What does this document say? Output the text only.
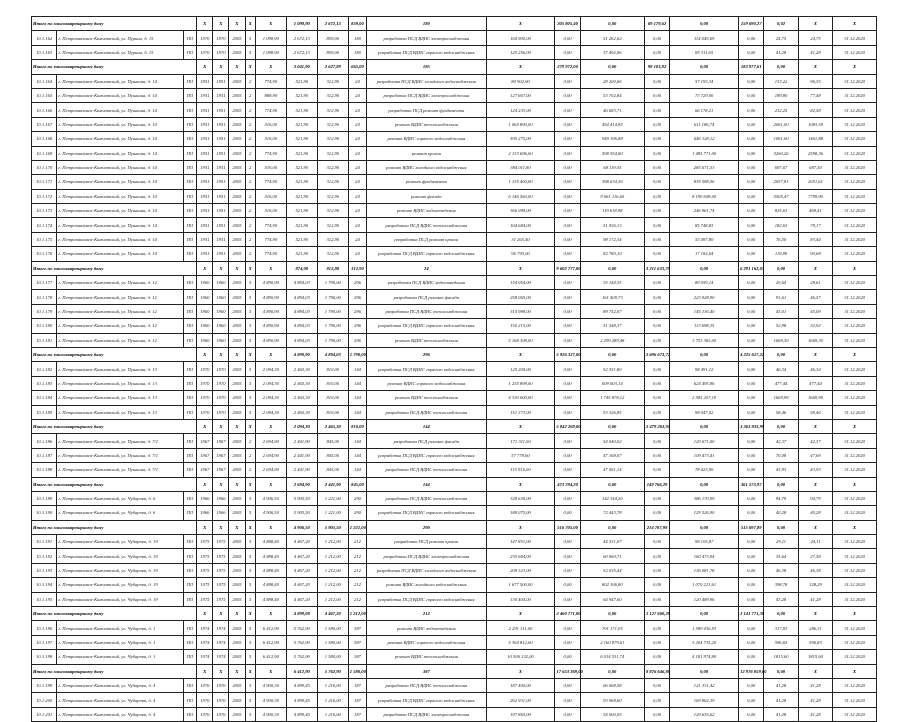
Итого по многоквартирному дому			X	X	X	X	X	1 098,90	2 672,13	859,00	180	X	205 805,40	0,00	69 179,62	0,00	159 690,27	0,02	X	X	
10.1.162	г. Петропавловск-Камчатский, ул. Пурина, д. 15	ПО	1970	1970	2005	5	1 098,90	2 672,13	859,00	180	разработка ПСД ВДИС электроснабжения	164 900,00	0,00	51 262,62	0,00	114 049,69	0,00	24,75	24,75	31.12.2020	
10.1.163	г. Петропавловск-Камчатский, ул. Пурина, д. 15	ПО	1970	1970	2005	5	1 098,90	2 672,13	859,00	180	разработка ПСД ВДИС горячего водоснабжения	125 256,00	0,00	37 492,06	0,00	85 311,65	0,00	41,28	41,28	31.12.2020	
Итого по многоквартирному дому			X	X	X	X	X	3 041,90	2 627,89	665,00	185	X	279 972,00	0,00	98 103,82	0,00	183 977,61	0,00	X	X	
10.1.164	г. Петропавловск-Камчатский, ул. Пушкина, д. 14	ПО	1951	1951	2005	2	774,90	521,90	312,90	24	разработка ПСД ВДИС холодного водоснабжения	80 902,00	0,00	29 200,66	0,00	57 193,34	0,00	133,22	96,35	31.12.2020	
10.1.165	г. Петропавловск-Камчатский, ул. Пушкина, д. 14	ПО	1951	1951	2005	2	888,90	521,90	312,90	24	разработка ПСД ВДИС электроснабжения	127 667,00	0,00	53 702,84	0,00	73 729,06	0,00	189,80	77,48	31.12.2020	
10.1.166	г. Петропавловск-Камчатский, ул. Пушкина, д. 14	ПО	1951	1951	2005	2	774,90	521,90	312,90	24	разработка ПСД ремонт фундамента	124 233,00	0,00	46 683,71	0,00	66 178,21	0,00	232,25	82,58	31.12.2020	
10.1.167	г. Петропавловск-Камчатский, ул. Пушкина, д. 14	ПО	1951	1951	2005	2	516,00	521,90	312,90	24	ремонт ВДИС теплоснабжения	1 065 890,00	0,00	454 414,85	0,00	611 186,74	0,00	2061,00	1083,59	31.12.2020	
10.1.168	г. Петропавловск-Камчатский, ул. Пушкина, д. 14	ПО	1951	1951	2005	2	516,00	521,90	312,90	24	ремонт ВДИС горячего водоснабжения	595 275,00	0,00	949 196,88	0,00	646 128,12	0,00	1061,00	1461,88	31.12.2020	
10.1.169	г. Петропавловск-Камчатский, ул. Пушкина, д. 14	ПО	1951	1951	2005	2	774,90	521,90	312,90	24	ремонт кровли	2 133 696,00	0,00	598 554,80	0,00	1 485 771,00	0,00	5260,26	2598,36	31.12.2020	
10.1.170	г. Петропавловск-Камчатский, ул. Пушкина, д. 14	ПО	1951	1951	2005	2	516,00	521,90	312,90	24	ремонт ВДИС холодного водоснабжения	384 011,80	0,00	68 119,05	0,00	285 671,53	0,00	697,67	687,50	31.12.2020	
10.1.171	г. Петропавловск-Камчатский, ул. Пушкина, д. 14	ПО	1951	1951	2005	2	774,90	521,90	312,90	24	ремонт фундамента	1 135 400,00	0,00	398 634,36	0,00	839 588,56	0,00	2057,81	2051,61	31.12.2020	
10.1.172	г. Петропавловск-Камчатский, ул. Пушкина, д. 14	ПО	1951	1951	2005	2	516,00	521,90	312,90	24	ремонт фасада	6 146 560,00	0,00	9 061 116,60	0,00	8 190 658,00	0,00	5505,47	7799,90	31.12.2020	
10.1.173	г. Петропавловск-Камчатский, ул. Пушкина, д. 14	ПО	1951	1951	2005	2	516,00	521,90	312,90	24	ремонт ВДИС водоотведения	366 098,00	0,00	119 618,98	0,00	246 961,74	0,00	825,63	469,41	31.12.2020	
10.1.174	г. Петропавловск-Камчатский, ул. Пушкина, д. 14	ПО	1951	1951	2005	2	774,90	521,90	312,90	24	разработка ПСД ВДИС теплоснабжения	164 684,00	0,00	51 936,13	0,00	85 748,83	0,00	182,63	79,17	31.12.2020	
10.1.175	г. Петропавловск-Камчатский, ул. Пушкина, д. 14	ПО	1951	1951	2005	2	774,90	521,90	312,90	24	разработка ПСД ремонт кровли	31 265,40	0,00	98 172,34	0,00	53 497,80	0,00	76,50	83,44	31.12.2020	
10.1.176	г. Петропавловск-Камчатский, ул. Пушкина, д. 14	ПО	1951	1951	2005	2	774,90	521,90	312,90	24	разработка ПСД ВДИС горячего водоснабжения	96 795,00	0,00	82 780,10	0,00	17 182,64	0,00	119,89	90,68	31.12.2020	
Итого по многоквартирному дому			X	X	X	X	X	874,00	812,80	312,90	24	X	9 602 777,80	0,00	3 211 633,79	0,00	6 291 162,03	0,00	X	X	
10.1.177	г. Петропавловск-Камчатский, ул. Пушкина, д. 12	ПО	1960	1960	2005	5	4 890,90	4 894,03	1 790,00	296	разработка ПСД ВДИС водоотведения	154 054,00	0,00	35 144,35	0,00	89 059,14	0,00	20,64	28,61	31.12.2020	
10.1.178	г. Петропавловск-Камчатский, ул. Пушкина, д. 12	ПО	1960	1960	2005	5	4 890,90	4 894,03	1 790,00	296	разработка ПСД ремонт фасада	258 065,00	0,00	161 409,73	0,00	223 928,90	0,00	91,61	46,57	31.12.2020	
10.1.179	г. Петропавловск-Камчатский, ул. Пушкина, д. 12	ПО	1960	1960	2005	5	4 890,90	4 894,03	1 790,00	296	разработка ПСД ВДИС теплоснабжения	314 998,00	0,00	89 752,07	0,00	145 136,40	0,00	43,01	45,09	31.12.2020	
10.1.180	г. Петропавловск-Камчатский, ул. Пушкина, д. 12	ПО	1960	1960	2005	5	4 890,90	4 894,03	1 790,00	296	разработка ПСД ВДИС горячего водоснабжения	150 215,00	0,00	51 548,37	0,00	113 698,35	0,00	52,98	32,92	31.12.2020	
10.1.181	г. Петропавловск-Камчатский, ул. Пушкина, д. 12	ПО	1960	1960	2005	5	4 890,90	4 894,03	1 790,00	296	ремонт ВДИС теплоснабжения	5 168 308,00	0,00	2 299 289,48	0,00	3 753 382,00	0,00	1669,30	1669,30	31.12.2020	
Итого по многоквартирному дому			X	X	X	X	X	4 890,90	4 894,03	1 790,00	296	X	5 926 327,00	0,00	2 696 673,72	0,00	4 325 617,22	0,00	X	X	
10.1.182	г. Петропавловск-Камчатский, ул. Пушкина, д. 13	ПО	1970	1970	2005	5	2 094,30	2 465,30	810,00	144	разработка ПСД ВДИС горячего водоснабжения	125 200,00	0,00	52 551,80	0,00	98 491,12	0,00	46,34	46,34	31.12.2020	
10.1.183	г. Петропавловск-Камчатский, ул. Пушкина, д. 13	ПО	1970	1970	2005	5	2 094,30	2 465,30	810,00	144	ремонт ВДИС горячего водоснабжения	1 235 899,00	0,00	609 603,14	0,00	624 495,86	0,00	477,44	477,44	31.12.2020	
10.1.184	г. Петропавловск-Камчатский, ул. Пушкина, д. 13	ПО	1970	1970	2005	5	2 094,30	2 465,30	810,00	144	ремонт ВДИС теплоснабжения	4 330 000,00	0,00	1 745 878,12	0,00	2 585 207,19	0,00	1669,99	1669,99	31.12.2020	
10.1.185	г. Петропавловск-Камчатский, ул. Пушкина, д. 13	ПО	1970	1970	2005	5	2 094,30	2 465,30	810,00	144	разработка ПСД ВДИС теплоснабжения	151 373,00	0,00	53 326,85	0,00	98 047,02	0,00	58,46	58,46	31.12.2020	
Итого по многоквартирному дому			X	X	X	X	X	2 094,30	2 465,30	810,00	144	X	5 842 269,00	0,00	2 479 263,91	0,00	3 363 833,99	0,00	X	X	
10.1.186	г. Петропавловск-Камчатский, ул. Пушкина, д. 7/1	ПО	1967	1967	2005	2	2 694,90	2 441,90	845,00	144	разработка ПСД ремонт фасада	171 311,00	0,00	54 040,02	0,00	120 671,00	0,00	42,37	42,37	31.12.2020	
10.1.187	г. Петропавловск-Камчатский, ул. Пушкина, д. 7/1	ПО	1967	1967	2005	2	2 694,90	2 441,90	845,00	144	разработка ПСД ВДИС горячего водоснабжения	57 779,60	0,00	47 168,07	0,00	109 473,41	0,00	70,08	47,69	31.12.2020	
10.1.188	г. Петропавловск-Камчатский, ул. Пушкина, д. 7/1	ПО	1967	1967	2005	2	2 694,90	2 441,90	845,00	144	разработка ПСД ВДИС теплоснабжения	115 916,00	0,00	47 561,14	0,00	78 423,90	0,00	43,93	43,93	31.12.2020	
Итого по многоквартирному дому			X	X	X	X	X	2 694,90	2 441,90	845,00	144	X	473 784,20	0,00	149 766,29	0,00	361 573,97	0,00	X	X	
10.1.189	г. Петропавловск-Камчатский, ул. Чубарова, д. 6	ПО	1966	1966	2005	5	4 906,50	5 905,50	1 221,00	290	разработка ПСД ВДИС теплоснабжения	328 630,00	0,00	142 344,20	0,00	386 170,99	0,00	94,79	94,79	31.12.2020	
10.1.190	г. Петропавловск-Камчатский, ул. Чубарова, д. 6	ПО	1966	1966	2005	5	4 906,50	5 905,50	1 221,00	290	разработка ПСД ВДИС горячего водоснабжения	188 075,00	0,00	72 443,78	0,00	129 526,90	0,00	40,28	40,28	31.12.2020	
Итого по многоквартирному дому			X	X	X	X	X	4 906,50	5 905,50	1 221,00	290	X	516 705,00	0,00	214 787,98	0,00	515 697,89	0,00	X	X	
10.1.191	г. Петропавловск-Камчатский, ул. Чубарова, д. 19	ПО	1975	1975	2005	5	4 888,40	4 467,20	1 212,00	212	разработка ПСД ремонт кровли	147 851,00	0,00	44 331,07	0,00	98 105,87	0,00	29,11	24,11	31.12.2020	
10.1.192	г. Петропавловск-Камчатский, ул. Чубарова, д. 19	ПО	1975	1975	2005	5	4 888,40	4 467,20	1 212,00	212	разработка ПСД ВДИС электроснабжения	235 684,00	0,00	60 060,71	0,00	160 473,94	0,00	35,64	27,58	31.12.2020	
10.1.193	г. Петропавловск-Камчатский, ул. Чубарова, д. 19	ПО	1975	1975	2005	5	4 888,40	4 467,20	1 212,00	212	разработка ПСД ВДИС холодного водоснабжения	209 323,00	0,00	52 035,44	0,00	136 081,78	0,00	46,38	46,38	31.12.2020	
10.1.194	г. Петропавловск-Камчатский, ул. Чубарова, д. 19	ПО	1975	1975	2005	5	4 888,40	4 467,20	1 212,00	212	ремонт ВДИС холодного водоснабжения	1 677 500,00	0,00	802 106,80	0,00	1 070 213,61	0,00	398,78	328,29	31.12.2020	
10.1.195	г. Петропавловск-Камчатский, ул. Чубарова, д. 19	ПО	1975	1975	2005	5	4 888,40	4 467,20	1 212,00	212	разработка ПСД ВДИС горячего водоснабжения	130 404,00	0,00	64 947,60	0,00	120 489,96	0,00	43,28	41,28	31.12.2020	
Итого по многоквартирному дому			X	X	X	X	X	4 899,08	4 467,20	1 212,00	212	X	2 460 771,00	0,00	1 127 600,28	0,00	2 141 771,38	0,00	X	X	
10.1.196	г. Петропавловск-Камчатский, ул. Чубарова, д. 1	ПО	1974	1974	2005	5	6 412,90	5 762,90	1 580,00	387	ремонт ВДИС водоотведения	2 291 311,00	0,00	701 171,05	0,00	1 589 436,93	0,00	317,93	286,31	31.12.2020	
10.1.197	г. Петропавловск-Камчатский, ул. Чубарова, д. 1	ПО	1974	1974	2005	5	6 412,90	5 762,90	1 580,00	387	ремонт ВДИС горячего водоснабжения	5 364 812,00	0,00	2 160 879,61	0,00	3 204 735,20	0,00	596,65	596,83	31.12.2020	
10.1.198	г. Петропавловск-Камчатский, ул. Чубарова, д. 1	ПО	1974	1974	2005	5	6 412,90	5 762,90	1 580,00	387	ремонт ВДИС теплоснабжения	10 306 132,00	0,00	6 014 531,74	0,00	4 181 974,80	0,00	1815,60	1815,60	31.12.2020	
Итого по многоквартирному дому			X	X	X	X	X	6 412,90	5 762,90	1 580,00	387	X	17 653 369,00	0,00	8 876 646,88	0,00	12 976 059,00	0,00	X	X	
10.1.199	г. Петропавловск-Камчатский, ул. Чубарова, д. 4	ПО	1976	1976	2005	5	4 900,30	4 899,45	1 216,00	187	разработка ПСД ВДИС теплоснабжения	187 400,00	0,00	66 068,58	0,00	121 331,42	0,00	41,28	41,28	31.12.2020	
10.1.200	г. Петропавловск-Камчатский, ул. Чубарова, д. 4	ПО	1976	1976	2005	5	4 900,30	4 899,45	1 216,00	187	разработка ПСД ВДИС горячего водоснабжения	262 931,00	0,00	93 068,60	0,00	169 862,39	0,00	41,28	41,28	31.12.2020	
10.1.201	г. Петропавловск-Камчатский, ул. Чубарова, д. 4	ПО	1976	1976	2005	5	4 900,30	4 899,45	1 216,00	187	разработка ПСД ВДИС электроснабжения	197 865,00	0,00	54 000,05	0,00	120 635,62	0,00	41,28	41,28	31.12.2020	
